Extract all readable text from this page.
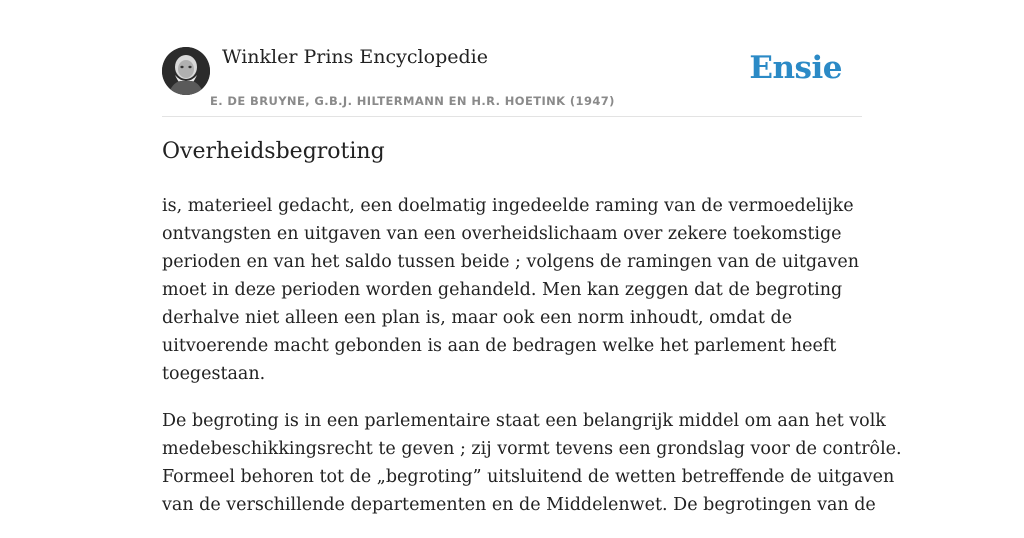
Winkler Prins Encyclopedie
E. DE BRUYNE, G.B.J. HILTERMANN EN H.R. HOETINK (1947)
Ensie
Overheidsbegroting

is, materieel gedacht, een doelmatig ingedeelde raming van de vermoedelijke
ontvangsten en uitgaven van een overheidslichaam over zekere toekomstige
perioden en van het saldo tussen beide ; volgens de ramingen van de uitgaven
moet in deze perioden worden gehandeld. Men kan zeggen dat de begroting
derhalve niet alleen een plan is, maar ook een norm inhoudt, omdat de
uitvoerende macht gebonden is aan de bedragen welke het parlement heeft
toegestaan.

De begroting is in een parlementaire staat een belangrijk middel om aan het volk
medebeschikkingsrecht te geven ; zij vormt tevens een grondslag voor de contrôle.
Formeel behoren tot de „begroting” uitsluitend de wetten betreffende de uitgaven
van de verschillende departementen en de Middelenwet. De begrotingen van de
